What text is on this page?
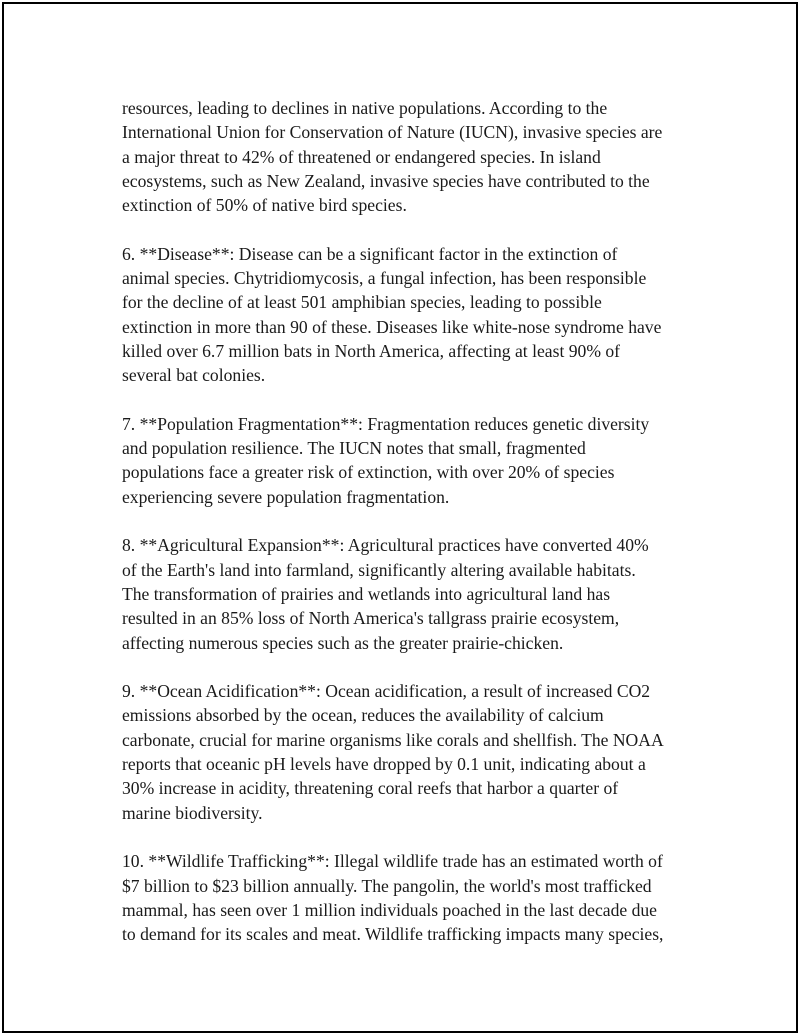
resources, leading to declines in native populations. According to the
International Union for Conservation of Nature (IUCN), invasive species are
a major threat to 42% of threatened or endangered species. In island
ecosystems, such as New Zealand, invasive species have contributed to the
extinction of 50% of native bird species.

6. **Disease**: Disease can be a significant factor in the extinction of
animal species. Chytridiomycosis, a fungal infection, has been responsible
for the decline of at least 501 amphibian species, leading to possible
extinction in more than 90 of these. Diseases like white-nose syndrome have
killed over 6.7 million bats in North America, affecting at least 90% of
several bat colonies.

7. **Population Fragmentation**: Fragmentation reduces genetic diversity
and population resilience. The IUCN notes that small, fragmented
populations face a greater risk of extinction, with over 20% of species
experiencing severe population fragmentation.

8. **Agricultural Expansion**: Agricultural practices have converted 40%
of the Earth's land into farmland, significantly altering available habitats.
The transformation of prairies and wetlands into agricultural land has
resulted in an 85% loss of North America's tallgrass prairie ecosystem,
affecting numerous species such as the greater prairie-chicken.

9. **Ocean Acidification**: Ocean acidification, a result of increased CO2
emissions absorbed by the ocean, reduces the availability of calcium
carbonate, crucial for marine organisms like corals and shellfish. The NOAA
reports that oceanic pH levels have dropped by 0.1 unit, indicating about a
30% increase in acidity, threatening coral reefs that harbor a quarter of
marine biodiversity.

10. **Wildlife Trafficking**: Illegal wildlife trade has an estimated worth of
$7 billion to $23 billion annually. The pangolin, the world's most trafficked
mammal, has seen over 1 million individuals poached in the last decade due
to demand for its scales and meat. Wildlife trafficking impacts many species,
